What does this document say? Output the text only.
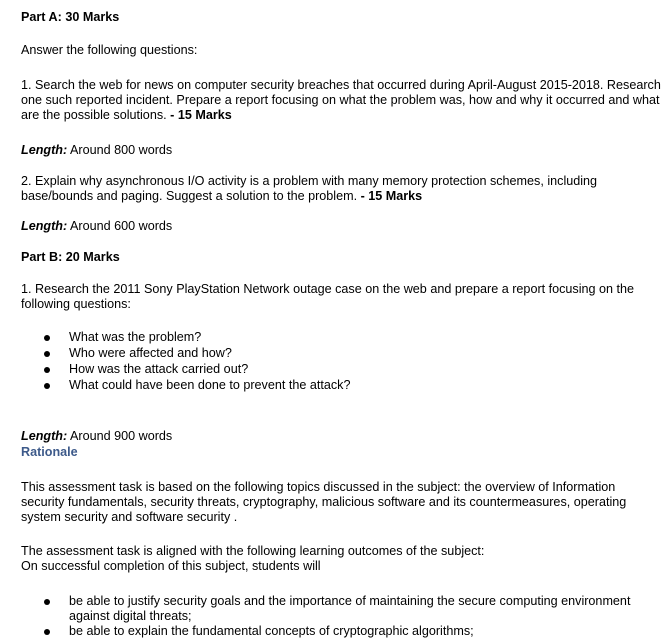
Part A: 30 Marks

Answer the following questions:

1. Search the web for news on computer security breaches that occurred during April-August 2015-2018. Research one such reported incident. Prepare a report focusing on what the problem was, how and why it occurred and what are the possible solutions. - 15 Marks

Length: Around 800 words

2. Explain why asynchronous I/O activity is a problem with many memory protection schemes, including base/bounds and paging. Suggest a solution to the problem. - 15 Marks

Length: Around 600 words

Part B: 20 Marks

1. Research the 2011 Sony PlayStation Network outage case on the web and prepare a report focusing on the following questions:

What was the problem?
Who were affected and how?
How was the attack carried out?
What could have been done to prevent the attack?

Length: Around 900 words

Rationale

This assessment task is based on the following topics discussed in the subject: the overview of Information security fundamentals, security threats, cryptography, malicious software and its countermeasures, operating system security and software security .

The assessment task is aligned with the following learning outcomes of the subject:
On successful completion of this subject, students will

be able to justify security goals and the importance of maintaining the secure computing environment against digital threats;
be able to explain the fundamental concepts of cryptographic algorithms;
